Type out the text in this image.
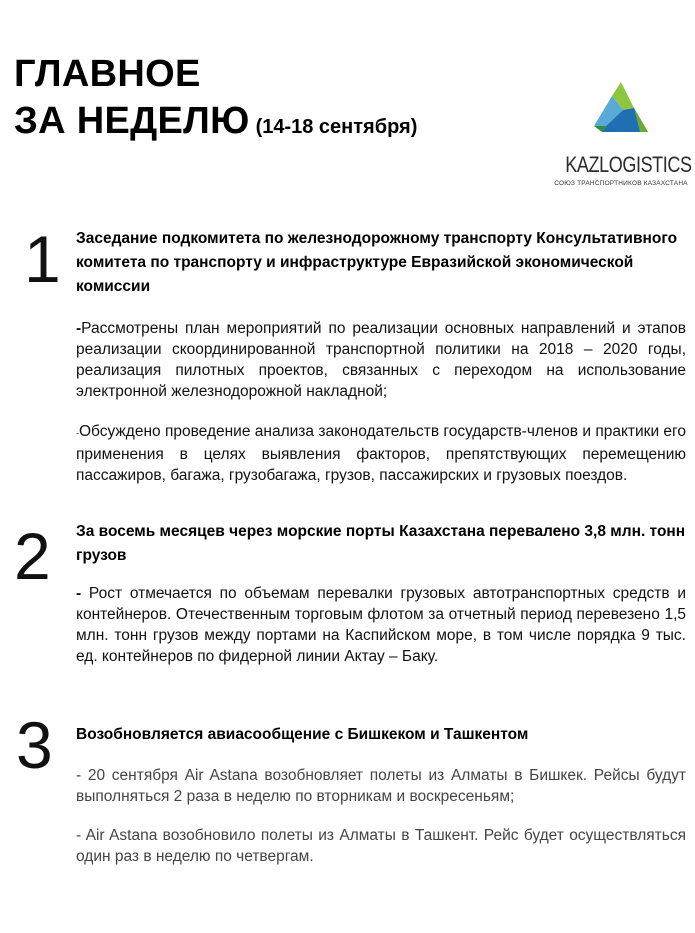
ГЛАВНОЕ
ЗА НЕДЕЛЮ (14-18 сентября)
KAZLOGISTICS
СОЮЗ ТРАНСПОРТНИКОВ КАЗАХСТАНА
1 Заседание подкомитета по железнодорожному транспорту Консультативного комитета по транспорту и инфраструктуре Евразийской экономической комиссии

-Рассмотрены план мероприятий по реализации основных направлений и этапов реализации скоординированной транспортной политики на 2018 – 2020 годы, реализация пилотных проектов, связанных с переходом на использование электронной железнодорожной накладной;

-Обсуждено проведение анализа законодательств государств-членов и практики его применения в целях выявления факторов, препятствующих перемещению пассажиров, багажа, грузобагажа, грузов, пассажирских и грузовых поездов.

2 За восемь месяцев через морские порты Казахстана перевалено 3,8 млн. тонн грузов

- Рост отмечается по объемам перевалки грузовых автотранспортных средств и контейнеров. Отечественным торговым флотом за отчетный период перевезено 1,5 млн. тонн грузов между портами на Каспийском море, в том числе порядка 9 тыс. ед. контейнеров по фидерной линии Актау – Баку.

3 Возобновляется авиасообщение с Бишкеком и Ташкентом

- 20 сентября Air Astana возобновляет полеты из Алматы в Бишкек. Рейсы будут выполняться 2 раза в неделю по вторникам и воскресеньям;

- Air Astana возобновило полеты из Алматы в Ташкент. Рейс будет осуществляться один раз в неделю по четвергам.
